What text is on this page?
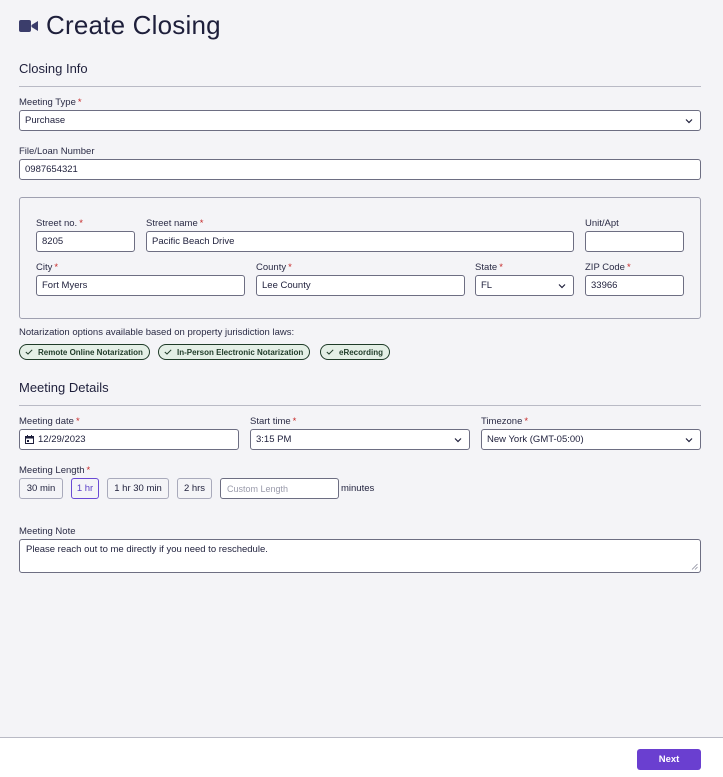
Create Closing
Closing Info
Meeting Type *
Purchase
File/Loan Number
0987654321
Street no. *
8205
Street name *
Pacific Beach Drive
Unit/Apt
City *
Fort Myers
County *
Lee County
State *
FL
ZIP Code *
33966
Notarization options available based on property jurisdiction laws:
Remote Online Notarization	In-Person Electronic Notarization	eRecording
Meeting Details
Meeting date *
12/29/2023
Start time *
3:15 PM
Timezone *
New York (GMT-05:00)
Meeting Length *
30 min	1 hr	1 hr 30 min	2 hrs	Custom Length	minutes
Meeting Note
Please reach out to me directly if you need to reschedule.
Next
